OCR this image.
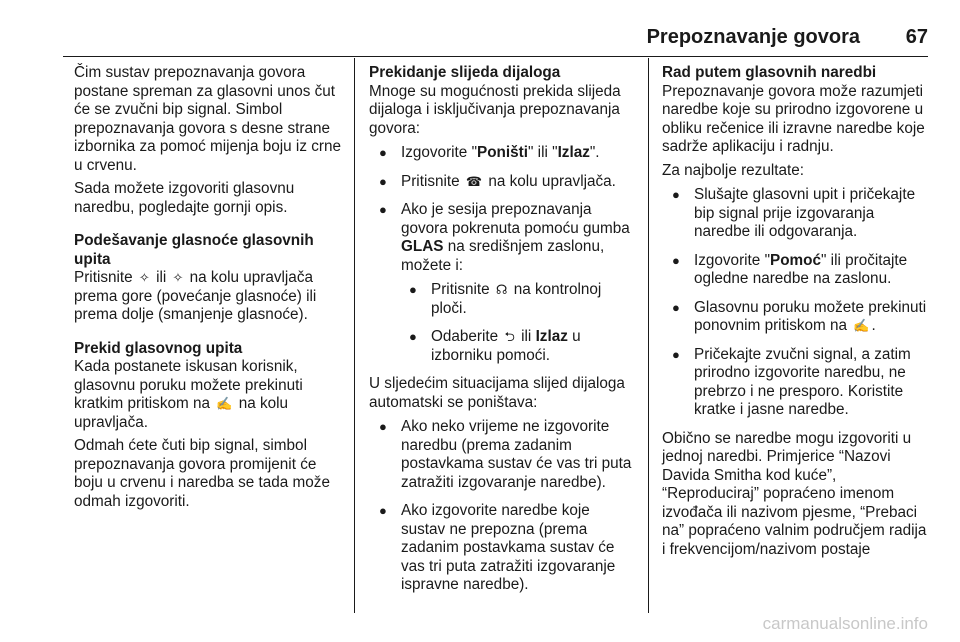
Prepoznavanje govora	67

Čim sustav prepoznavanja govora postane spreman za glasovni unos čut će se zvučni bip signal. Simbol prepoznavanja govora s desne strane izbornika za pomoć mijenja boju iz crne u crvenu.

Sada možete izgovoriti glasovnu naredbu, pogledajte gornji opis.

Podešavanje glasnoće glasovnih upita

Pritisnite ✧ ili ✧ na kolu upravljača prema gore (povećanje glasnoće) ili prema dolje (smanjenje glasnoće).

Prekid glasovnog upita

Kada postanete iskusan korisnik, glasovnu poruku možete prekinuti kratkim pritiskom na ✍ na kolu upravljača.

Odmah ćete čuti bip signal, simbol prepoznavanja govora promijenit će boju u crvenu i naredba se tada može odmah izgovoriti.

Prekidanje slijeda dijaloga

Mnoge su mogućnosti prekida slijeda dijaloga i isključivanja prepoznavanja govora:

● Izgovorite "Poništi" ili "Izlaz".
● Pritisnite ☎ na kolu upravljača.
● Ako je sesija prepoznavanja govora pokrenuta pomoću gumba GLAS na središnjem zaslonu, možete i:
● Pritisnite ☊ na kontrolnoj ploči.
● Odaberite ⮌ ili Izlaz u izborniku pomoći.

U sljedećim situacijama slijed dijaloga automatski se poništava:

● Ako neko vrijeme ne izgovorite naredbu (prema zadanim postavkama sustav će vas tri puta zatražiti izgovaranje naredbe).
● Ako izgovorite naredbe koje sustav ne prepozna (prema zadanim postavkama sustav će vas tri puta zatražiti izgovaranje ispravne naredbe).

Rad putem glasovnih naredbi

Prepoznavanje govora može razumjeti naredbe koje su prirodno izgovorene u obliku rečenice ili izravne naredbe koje sadrže aplikaciju i radnju.

Za najbolje rezultate:

● Slušajte glasovni upit i pričekajte bip signal prije izgovaranja naredbe ili odgovaranja.
● Izgovorite "Pomoć" ili pročitajte ogledne naredbe na zaslonu.
● Glasovnu poruku možete prekinuti ponovnim pritiskom na ✍ .
● Pričekajte zvučni signal, a zatim prirodno izgovorite naredbu, ne prebrzo i ne presporo. Koristite kratke i jasne naredbe.

Obično se naredbe mogu izgovoriti u jednoj naredbi. Primjerice “Nazovi Davida Smitha kod kuće”, “Reproduciraj” popraćeno imenom izvođača ili nazivom pjesme, “Prebaci na” popraćeno valnim područjem radija i frekvencijom/nazivom postaje

carmanualsonline.info
